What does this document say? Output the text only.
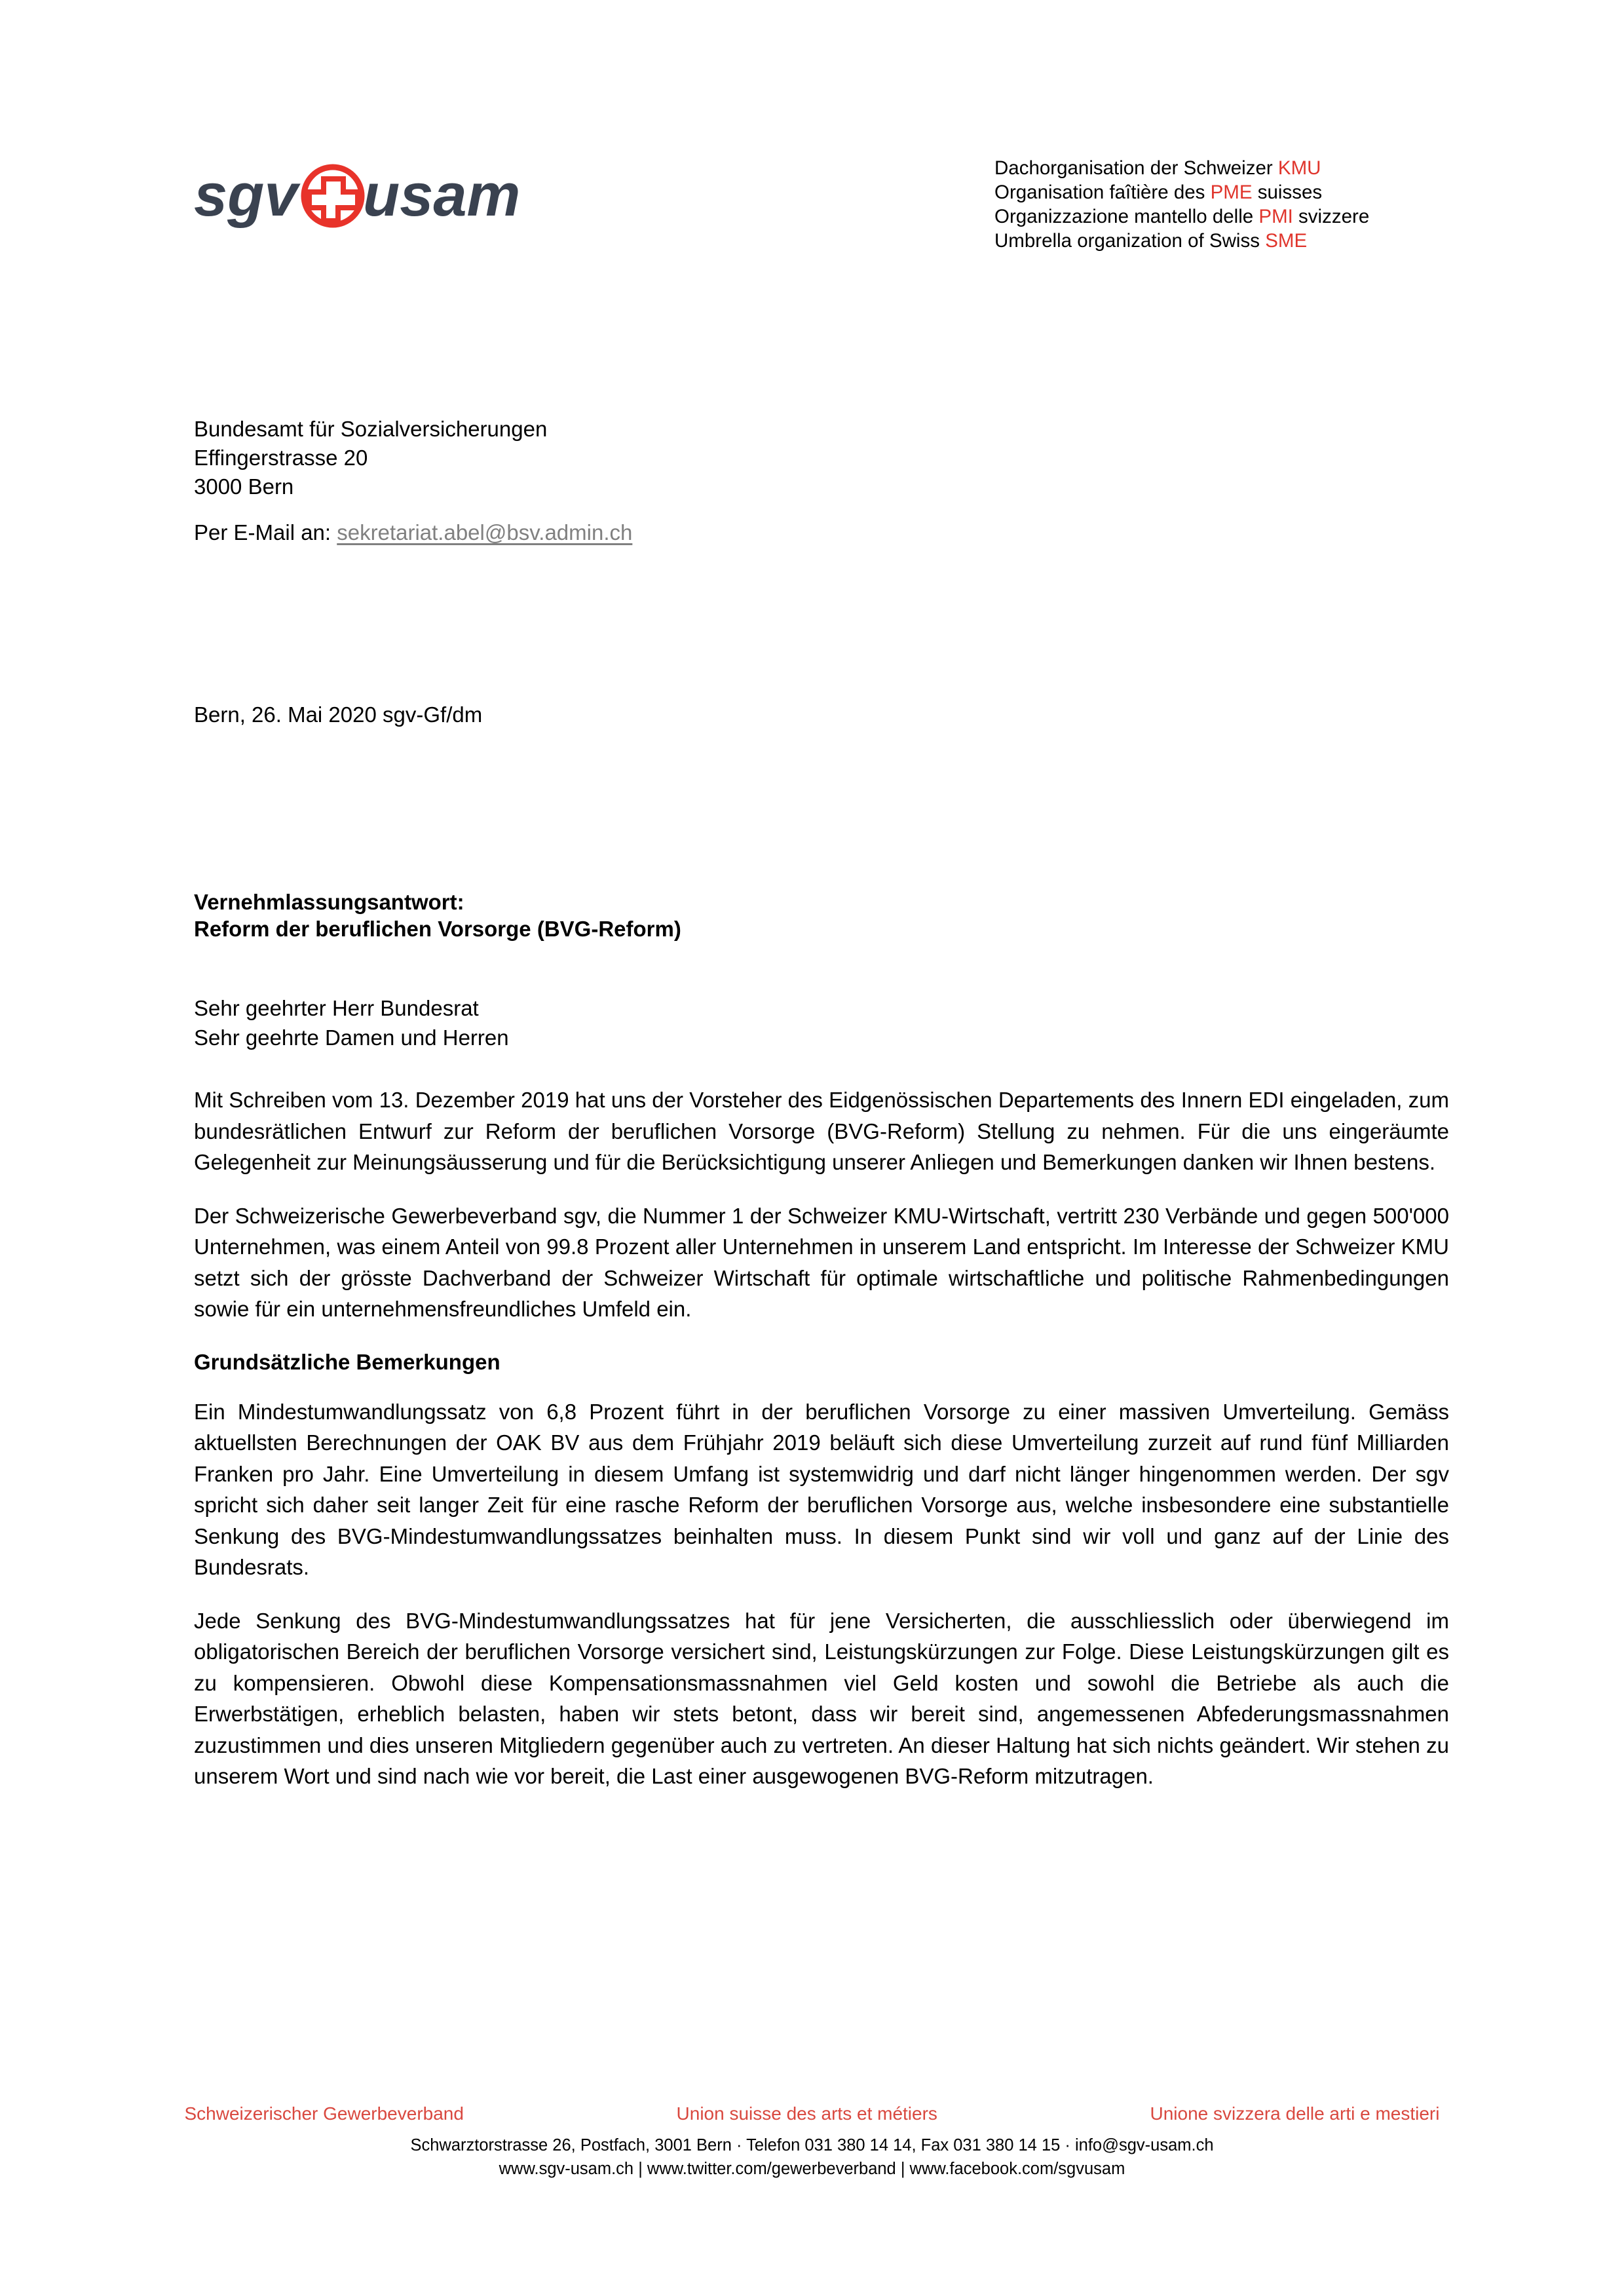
sgv usam	Dachorganisation der Schweizer KMU
Organisation faîtière des PME suisses
Organizzazione mantello delle PMI svizzere
Umbrella organization of Swiss SME
Bundesamt für Sozialversicherungen
Effingerstrasse 20
3000 Bern
Per E-Mail an: sekretariat.abel@bsv.admin.ch
Bern, 26. Mai 2020 sgv-Gf/dm
Vernehmlassungsantwort:
Reform der beruflichen Vorsorge (BVG-Reform)
Sehr geehrter Herr Bundesrat
Sehr geehrte Damen und Herren

Mit Schreiben vom 13. Dezember 2019 hat uns der Vorsteher des Eidgenössischen Departements des Innern EDI eingeladen, zum bundesrätlichen Entwurf zur Reform der beruflichen Vorsorge (BVG-Reform) Stellung zu nehmen. Für die uns eingeräumte Gelegenheit zur Meinungsäusserung und für die Berücksichtigung unserer Anliegen und Bemerkungen danken wir Ihnen bestens.

Der Schweizerische Gewerbeverband sgv, die Nummer 1 der Schweizer KMU-Wirtschaft, vertritt 230 Verbände und gegen 500'000 Unternehmen, was einem Anteil von 99.8 Prozent aller Unternehmen in unserem Land entspricht. Im Interesse der Schweizer KMU setzt sich der grösste Dachverband der Schweizer Wirtschaft für optimale wirtschaftliche und politische Rahmenbedingungen sowie für ein unternehmensfreundliches Umfeld ein.

Grundsätzliche Bemerkungen

Ein Mindestumwandlungssatz von 6,8 Prozent führt in der beruflichen Vorsorge zu einer massiven Umverteilung. Gemäss aktuellsten Berechnungen der OAK BV aus dem Frühjahr 2019 beläuft sich diese Umverteilung zurzeit auf rund fünf Milliarden Franken pro Jahr. Eine Umverteilung in diesem Umfang ist systemwidrig und darf nicht länger hingenommen werden. Der sgv spricht sich daher seit langer Zeit für eine rasche Reform der beruflichen Vorsorge aus, welche insbesondere eine substantielle Senkung des BVG-Mindestumwandlungssatzes beinhalten muss. In diesem Punkt sind wir voll und ganz auf der Linie des Bundesrats.

Jede Senkung des BVG-Mindestumwandlungssatzes hat für jene Versicherten, die ausschliesslich oder überwiegend im obligatorischen Bereich der beruflichen Vorsorge versichert sind, Leistungskürzungen zur Folge. Diese Leistungskürzungen gilt es zu kompensieren. Obwohl diese Kompensationsmassnahmen viel Geld kosten und sowohl die Betriebe als auch die Erwerbstätigen, erheblich belasten, haben wir stets betont, dass wir bereit sind, angemessenen Abfederungsmassnahmen zuzustimmen und dies unseren Mitgliedern gegenüber auch zu vertreten. An dieser Haltung hat sich nichts geändert. Wir stehen zu unserem Wort und sind nach wie vor bereit, die Last einer ausgewogenen BVG-Reform mitzutragen.

Schweizerischer Gewerbeverband	Union suisse des arts et métiers	Unione svizzera delle arti e mestieri
Schwarztorstrasse 26, Postfach, 3001 Bern · Telefon 031 380 14 14, Fax 031 380 14 15 · info@sgv-usam.ch
www.sgv-usam.ch | www.twitter.com/gewerbeverband | www.facebook.com/sgvusam
